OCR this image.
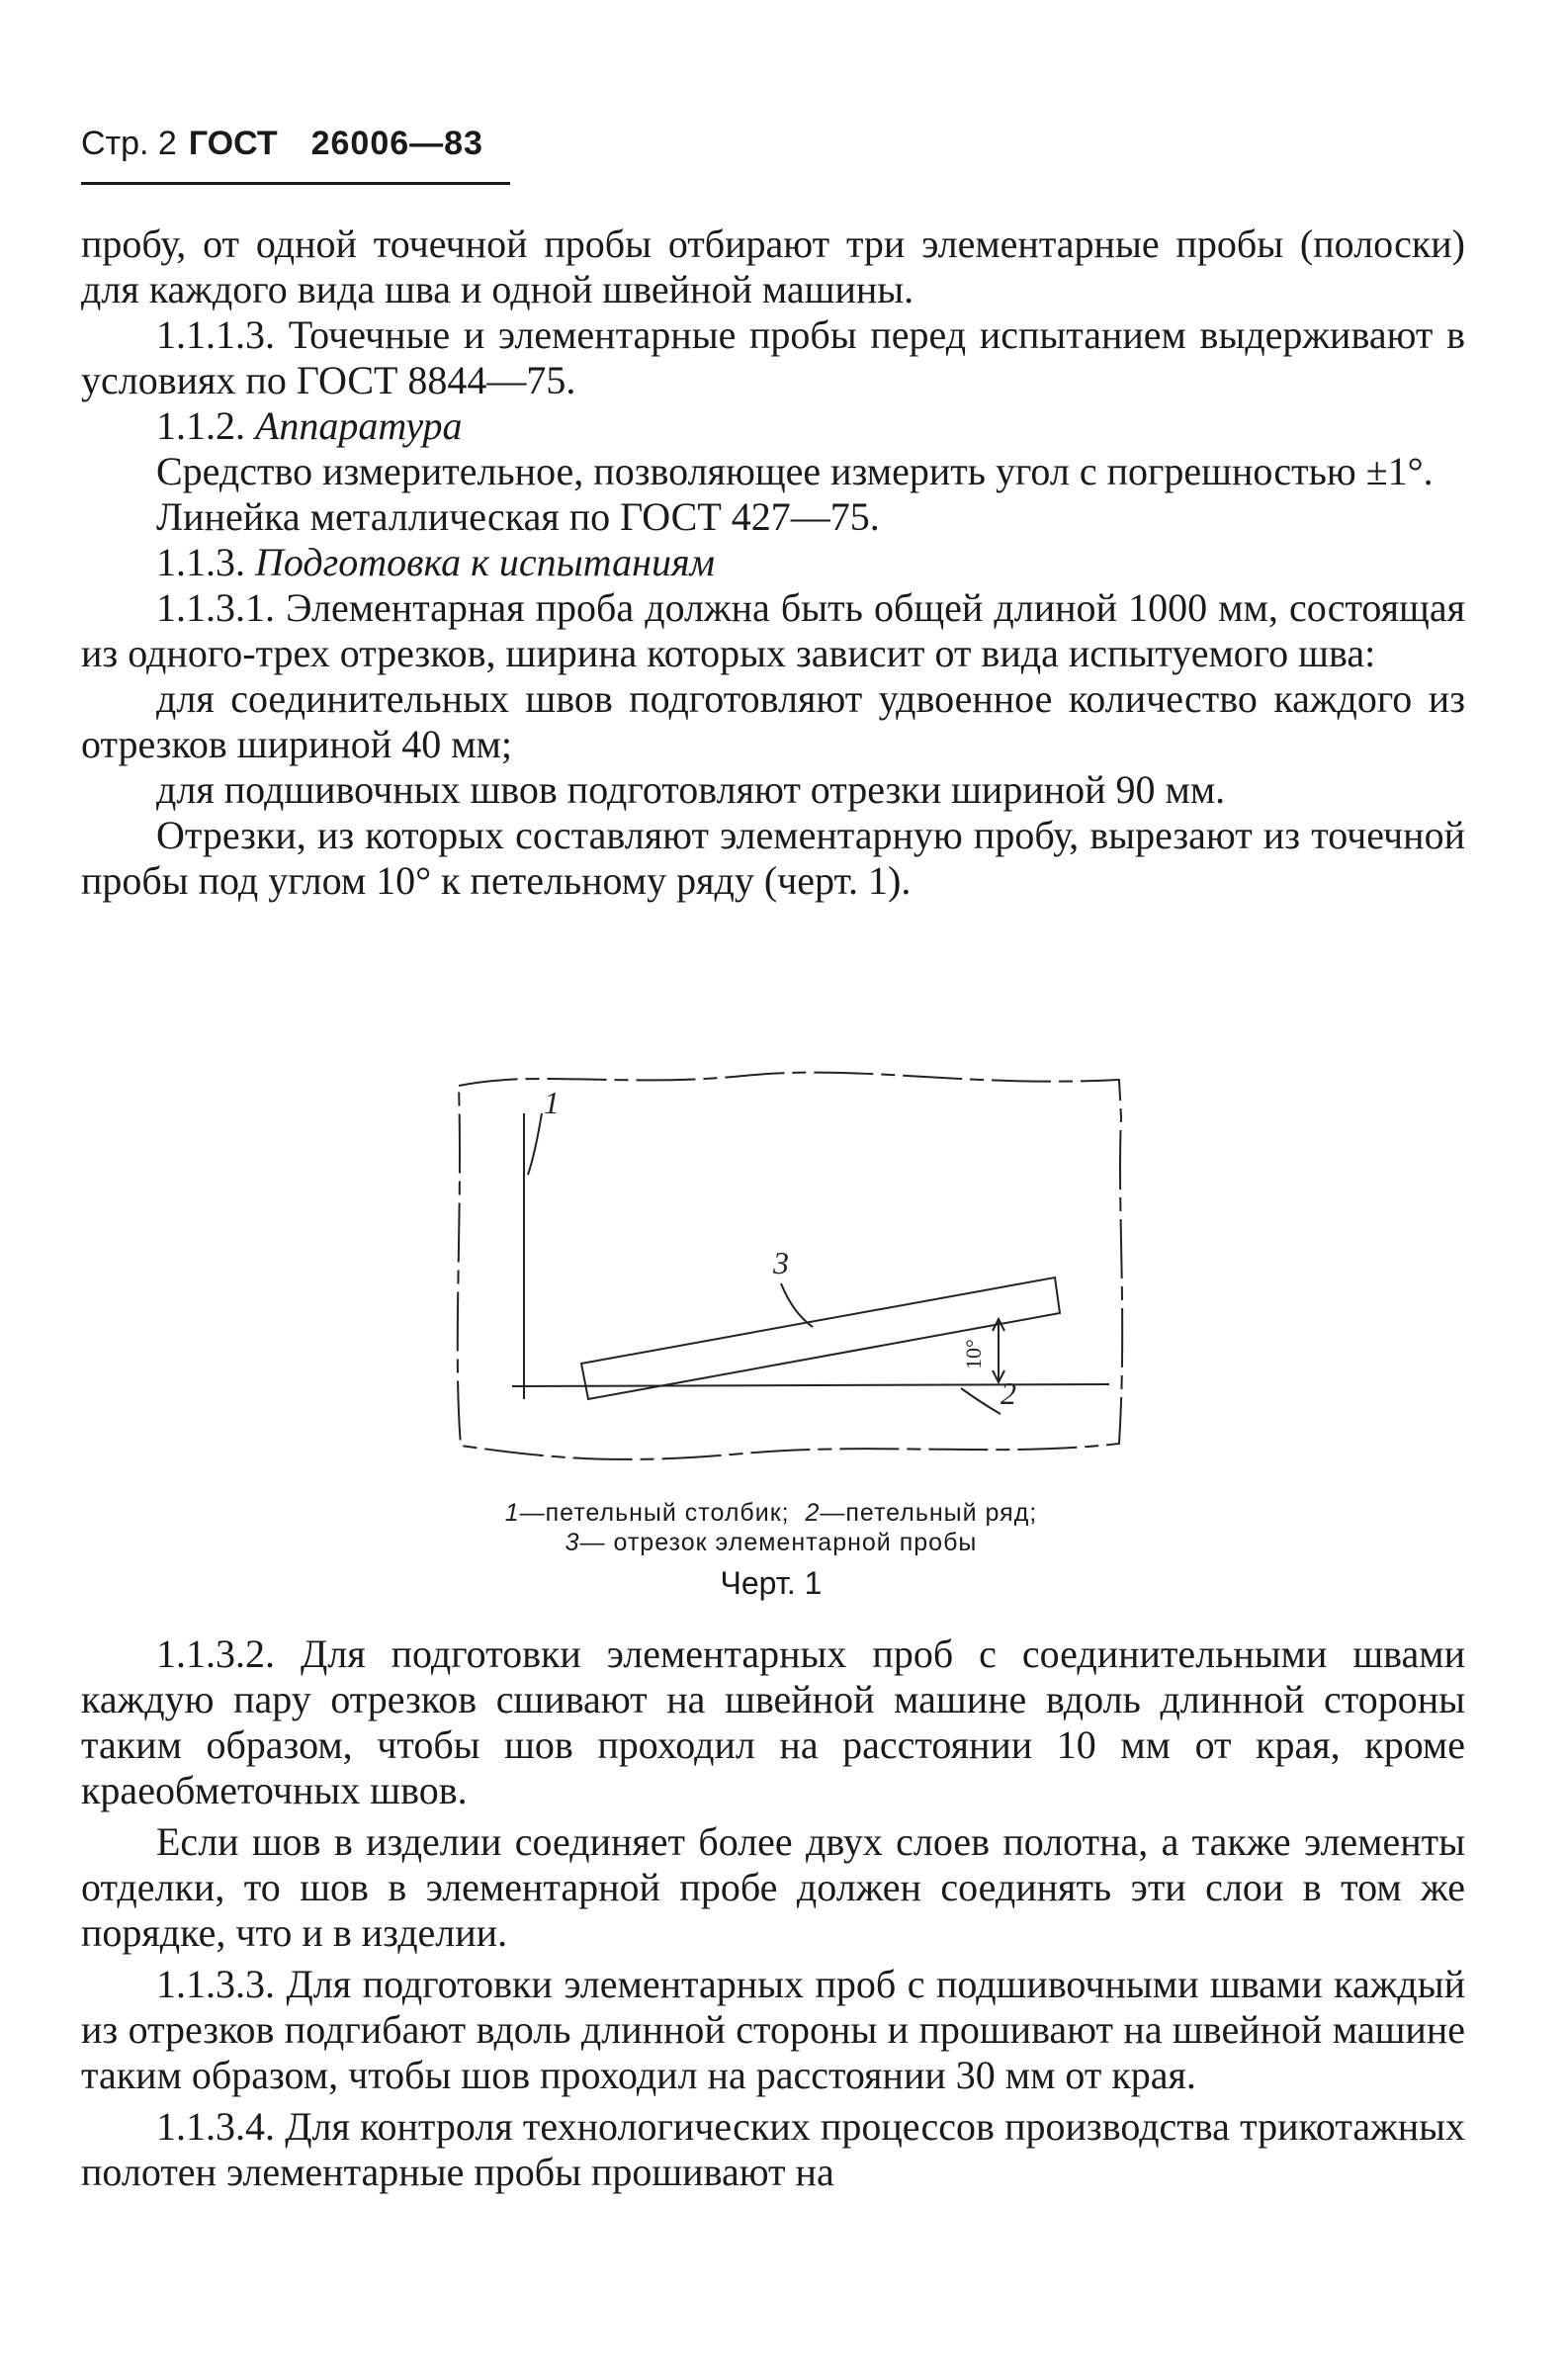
Стр. 2 ГОСТ 26006—83

пробу, от одной точечной пробы отбирают три элементарные пробы (полоски) для каждого вида шва и одной швейной машины.

1.1.1.3. Точечные и элементарные пробы перед испытанием выдерживают в условиях по ГОСТ 8844—75.

1.1.2. Аппаратура

Средство измерительное, позволяющее измерить угол с погрешностью ±1°.

Линейка металлическая по ГОСТ 427—75.

1.1.3. Подготовка к испытаниям

1.1.3.1. Элементарная проба должна быть общей длиной 1000 мм, состоящая из одного-трех отрезков, ширина которых зависит от вида испытуемого шва:

для соединительных швов подготовляют удвоенное количество каждого из отрезков шириной 40 мм;

для подшивочных швов подготовляют отрезки шириной 90 мм.

Отрезки, из которых составляют элементарную пробу, вырезают из точечной пробы под углом 10° к петельному ряду (черт. 1).

1
3
2
10°
1—петельный столбик; 2—петельный ряд;
3— отрезок элементарной пробы
Черт. 1

1.1.3.2. Для подготовки элементарных проб с соединительными швами каждую пару отрезков сшивают на швейной машине вдоль длинной стороны таким образом, чтобы шов проходил на расстоянии 10 мм от края, кроме краеобметочных швов.

Если шов в изделии соединяет более двух слоев полотна, а также элементы отделки, то шов в элементарной пробе должен соединять эти слои в том же порядке, что и в изделии.

1.1.3.3. Для подготовки элементарных проб с подшивочными швами каждый из отрезков подгибают вдоль длинной стороны и прошивают на швейной машине таким образом, чтобы шов проходил на расстоянии 30 мм от края.

1.1.3.4. Для контроля технологических процессов производства трикотажных полотен элементарные пробы прошивают на
